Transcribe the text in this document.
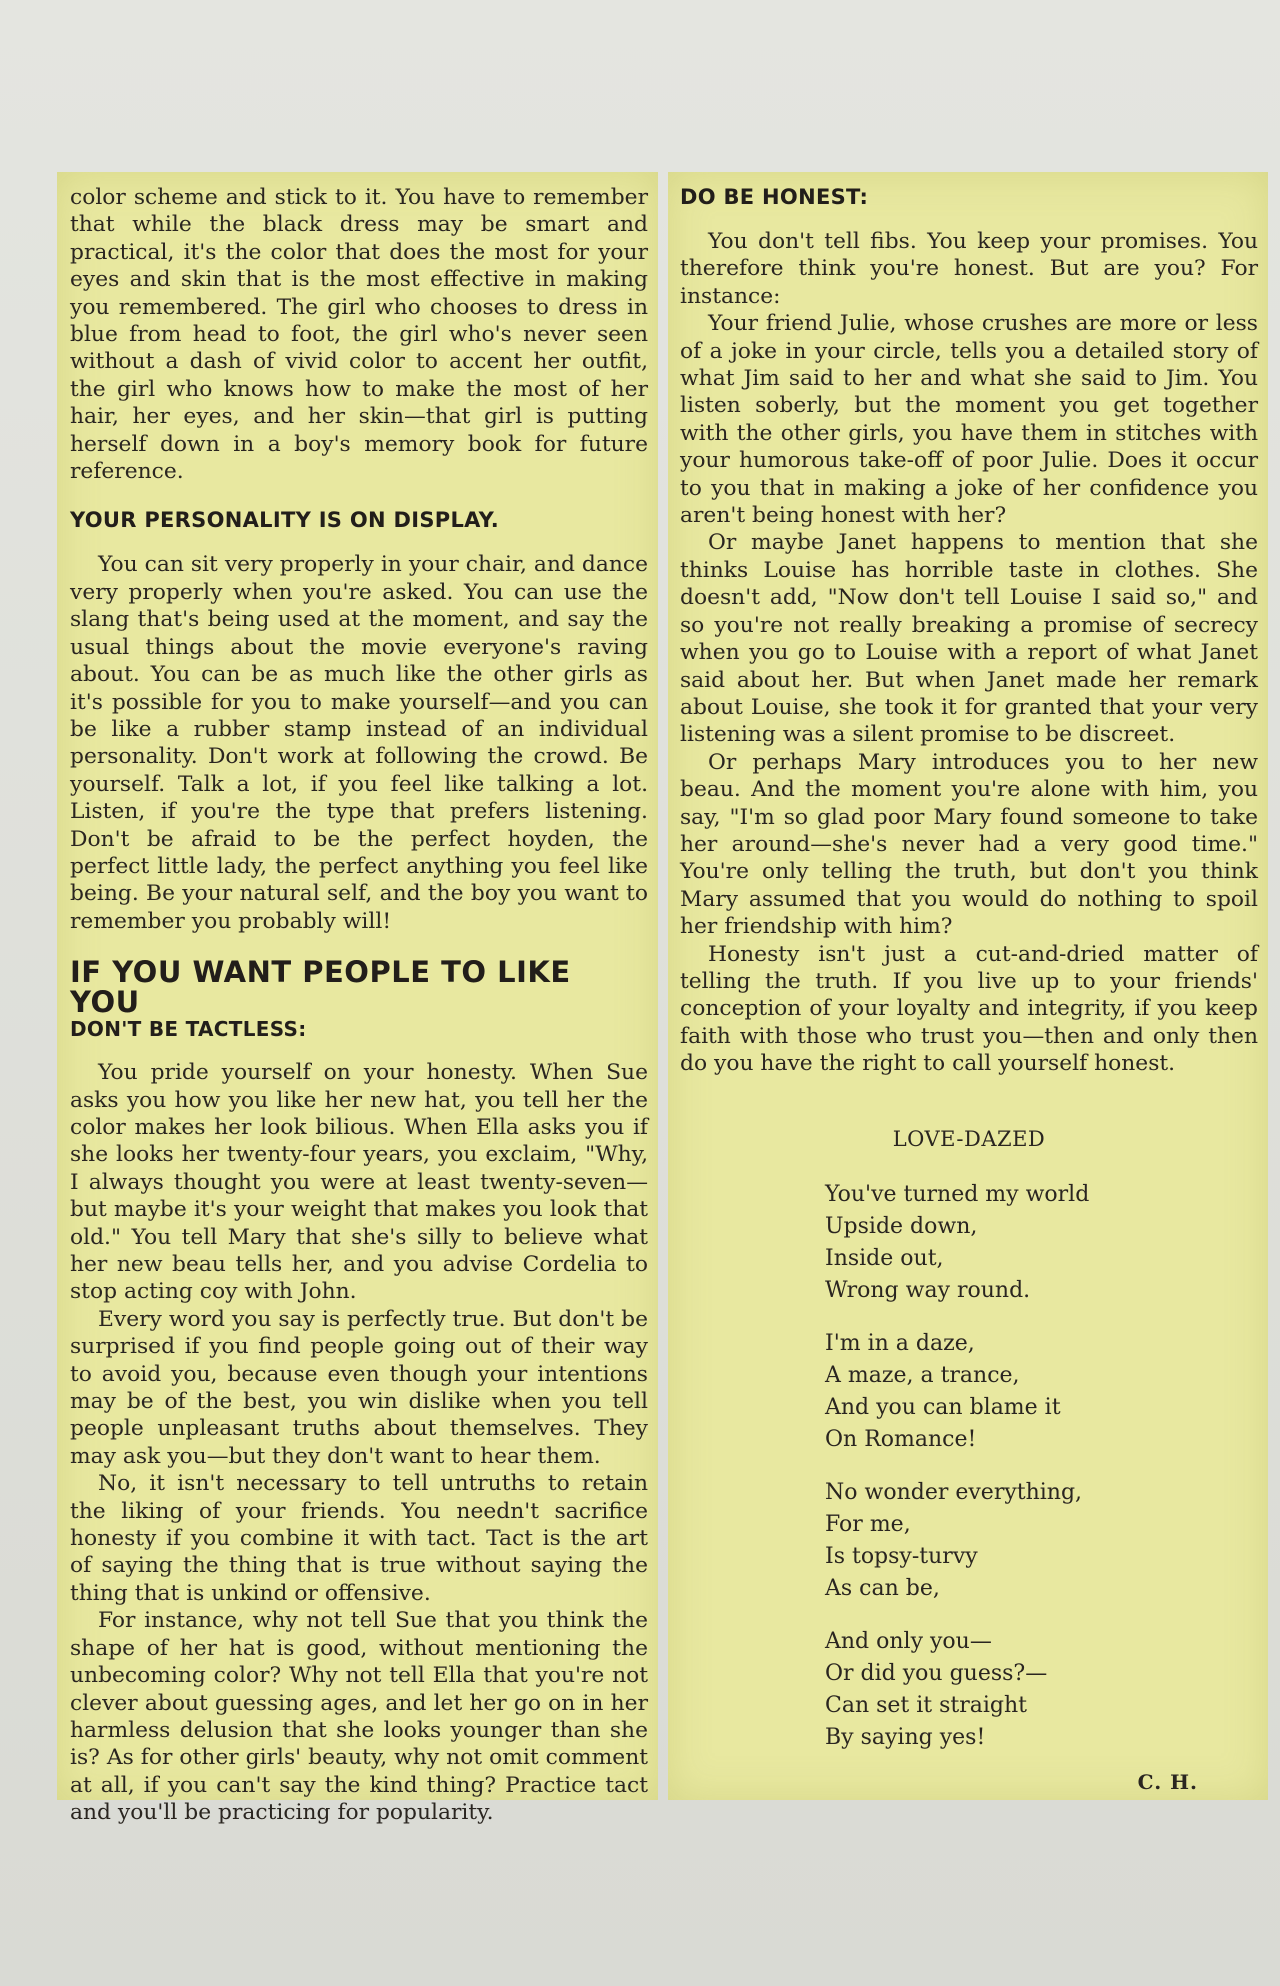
color scheme and stick to it. You have to remember that while the black dress may be smart and practical, it's the color that does the most for your eyes and skin that is the most effective in making you remembered. The girl who chooses to dress in blue from head to foot, the girl who's never seen without a dash of vivid color to accent her outfit, the girl who knows how to make the most of her hair, her eyes, and her skin—that girl is putting herself down in a boy's memory book for future reference.

YOUR PERSONALITY IS ON DISPLAY.

You can sit very properly in your chair, and dance very properly when you're asked. You can use the slang that's being used at the moment, and say the usual things about the movie everyone's raving about. You can be as much like the other girls as it's possible for you to make yourself—and you can be like a rubber stamp instead of an individual personality. Don't work at following the crowd. Be yourself. Talk a lot, if you feel like talking a lot. Listen, if you're the type that prefers listening. Don't be afraid to be the perfect hoyden, the perfect little lady, the perfect anything you feel like being. Be your natural self, and the boy you want to remember you probably will!

IF YOU WANT PEOPLE TO LIKE YOU
DON'T BE TACTLESS:

You pride yourself on your honesty. When Sue asks you how you like her new hat, you tell her the color makes her look bilious. When Ella asks you if she looks her twenty-four years, you exclaim, "Why, I always thought you were at least twenty-seven—but maybe it's your weight that makes you look that old." You tell Mary that she's silly to believe what her new beau tells her, and you advise Cordelia to stop acting coy with John.

Every word you say is perfectly true. But don't be surprised if you find people going out of their way to avoid you, because even though your intentions may be of the best, you win dislike when you tell people unpleasant truths about themselves. They may ask you—but they don't want to hear them.

No, it isn't necessary to tell untruths to retain the liking of your friends. You needn't sacrifice honesty if you combine it with tact. Tact is the art of saying the thing that is true without saying the thing that is unkind or offensive.

For instance, why not tell Sue that you think the shape of her hat is good, without mentioning the unbecoming color? Why not tell Ella that you're not clever about guessing ages, and let her go on in her harmless delusion that she looks younger than she is? As for other girls' beauty, why not omit comment at all, if you can't say the kind thing? Practice tact and you'll be practicing for popularity.

DO BE HONEST:

You don't tell fibs. You keep your promises. You therefore think you're honest. But are you? For instance:

Your friend Julie, whose crushes are more or less of a joke in your circle, tells you a detailed story of what Jim said to her and what she said to Jim. You listen soberly, but the moment you get together with the other girls, you have them in stitches with your humorous take-off of poor Julie. Does it occur to you that in making a joke of her confidence you aren't being honest with her?

Or maybe Janet happens to mention that she thinks Louise has horrible taste in clothes. She doesn't add, "Now don't tell Louise I said so," and so you're not really breaking a promise of secrecy when you go to Louise with a report of what Janet said about her. But when Janet made her remark about Louise, she took it for granted that your very listening was a silent promise to be discreet.

Or perhaps Mary introduces you to her new beau. And the moment you're alone with him, you say, "I'm so glad poor Mary found someone to take her around—she's never had a very good time." You're only telling the truth, but don't you think Mary assumed that you would do nothing to spoil her friendship with him?

Honesty isn't just a cut-and-dried matter of telling the truth. If you live up to your friends' conception of your loyalty and integrity, if you keep faith with those who trust you—then and only then do you have the right to call yourself honest.

LOVE-DAZED
You've turned my world
Upside down,
Inside out,
Wrong way round.
I'm in a daze,
A maze, a trance,
And you can blame it
On Romance!
No wonder everything,
For me,
Is topsy-turvy
As can be,
And only you—
Or did you guess?—
Can set it straight
By saying yes!
C. H.
